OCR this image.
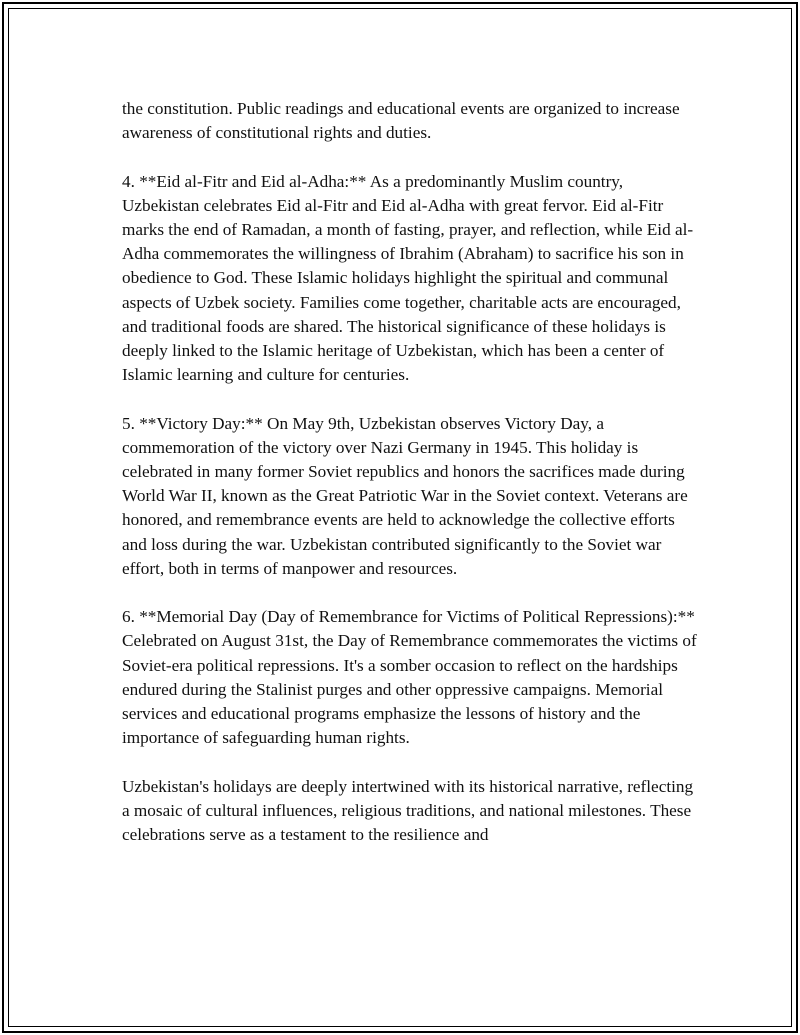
the constitution. Public readings and educational events are organized to increase awareness of constitutional rights and duties.

4. **Eid al-Fitr and Eid al-Adha:** As a predominantly Muslim country, Uzbekistan celebrates Eid al-Fitr and Eid al-Adha with great fervor. Eid al-Fitr marks the end of Ramadan, a month of fasting, prayer, and reflection, while Eid al-Adha commemorates the willingness of Ibrahim (Abraham) to sacrifice his son in obedience to God. These Islamic holidays highlight the spiritual and communal aspects of Uzbek society. Families come together, charitable acts are encouraged, and traditional foods are shared. The historical significance of these holidays is deeply linked to the Islamic heritage of Uzbekistan, which has been a center of Islamic learning and culture for centuries.

5. **Victory Day:** On May 9th, Uzbekistan observes Victory Day, a commemoration of the victory over Nazi Germany in 1945. This holiday is celebrated in many former Soviet republics and honors the sacrifices made during World War II, known as the Great Patriotic War in the Soviet context. Veterans are honored, and remembrance events are held to acknowledge the collective efforts and loss during the war. Uzbekistan contributed significantly to the Soviet war effort, both in terms of manpower and resources.

6. **Memorial Day (Day of Remembrance for Victims of Political Repressions):** Celebrated on August 31st, the Day of Remembrance commemorates the victims of Soviet-era political repressions. It's a somber occasion to reflect on the hardships endured during the Stalinist purges and other oppressive campaigns. Memorial services and educational programs emphasize the lessons of history and the importance of safeguarding human rights.

Uzbekistan's holidays are deeply intertwined with its historical narrative, reflecting a mosaic of cultural influences, religious traditions, and national milestones. These celebrations serve as a testament to the resilience and
